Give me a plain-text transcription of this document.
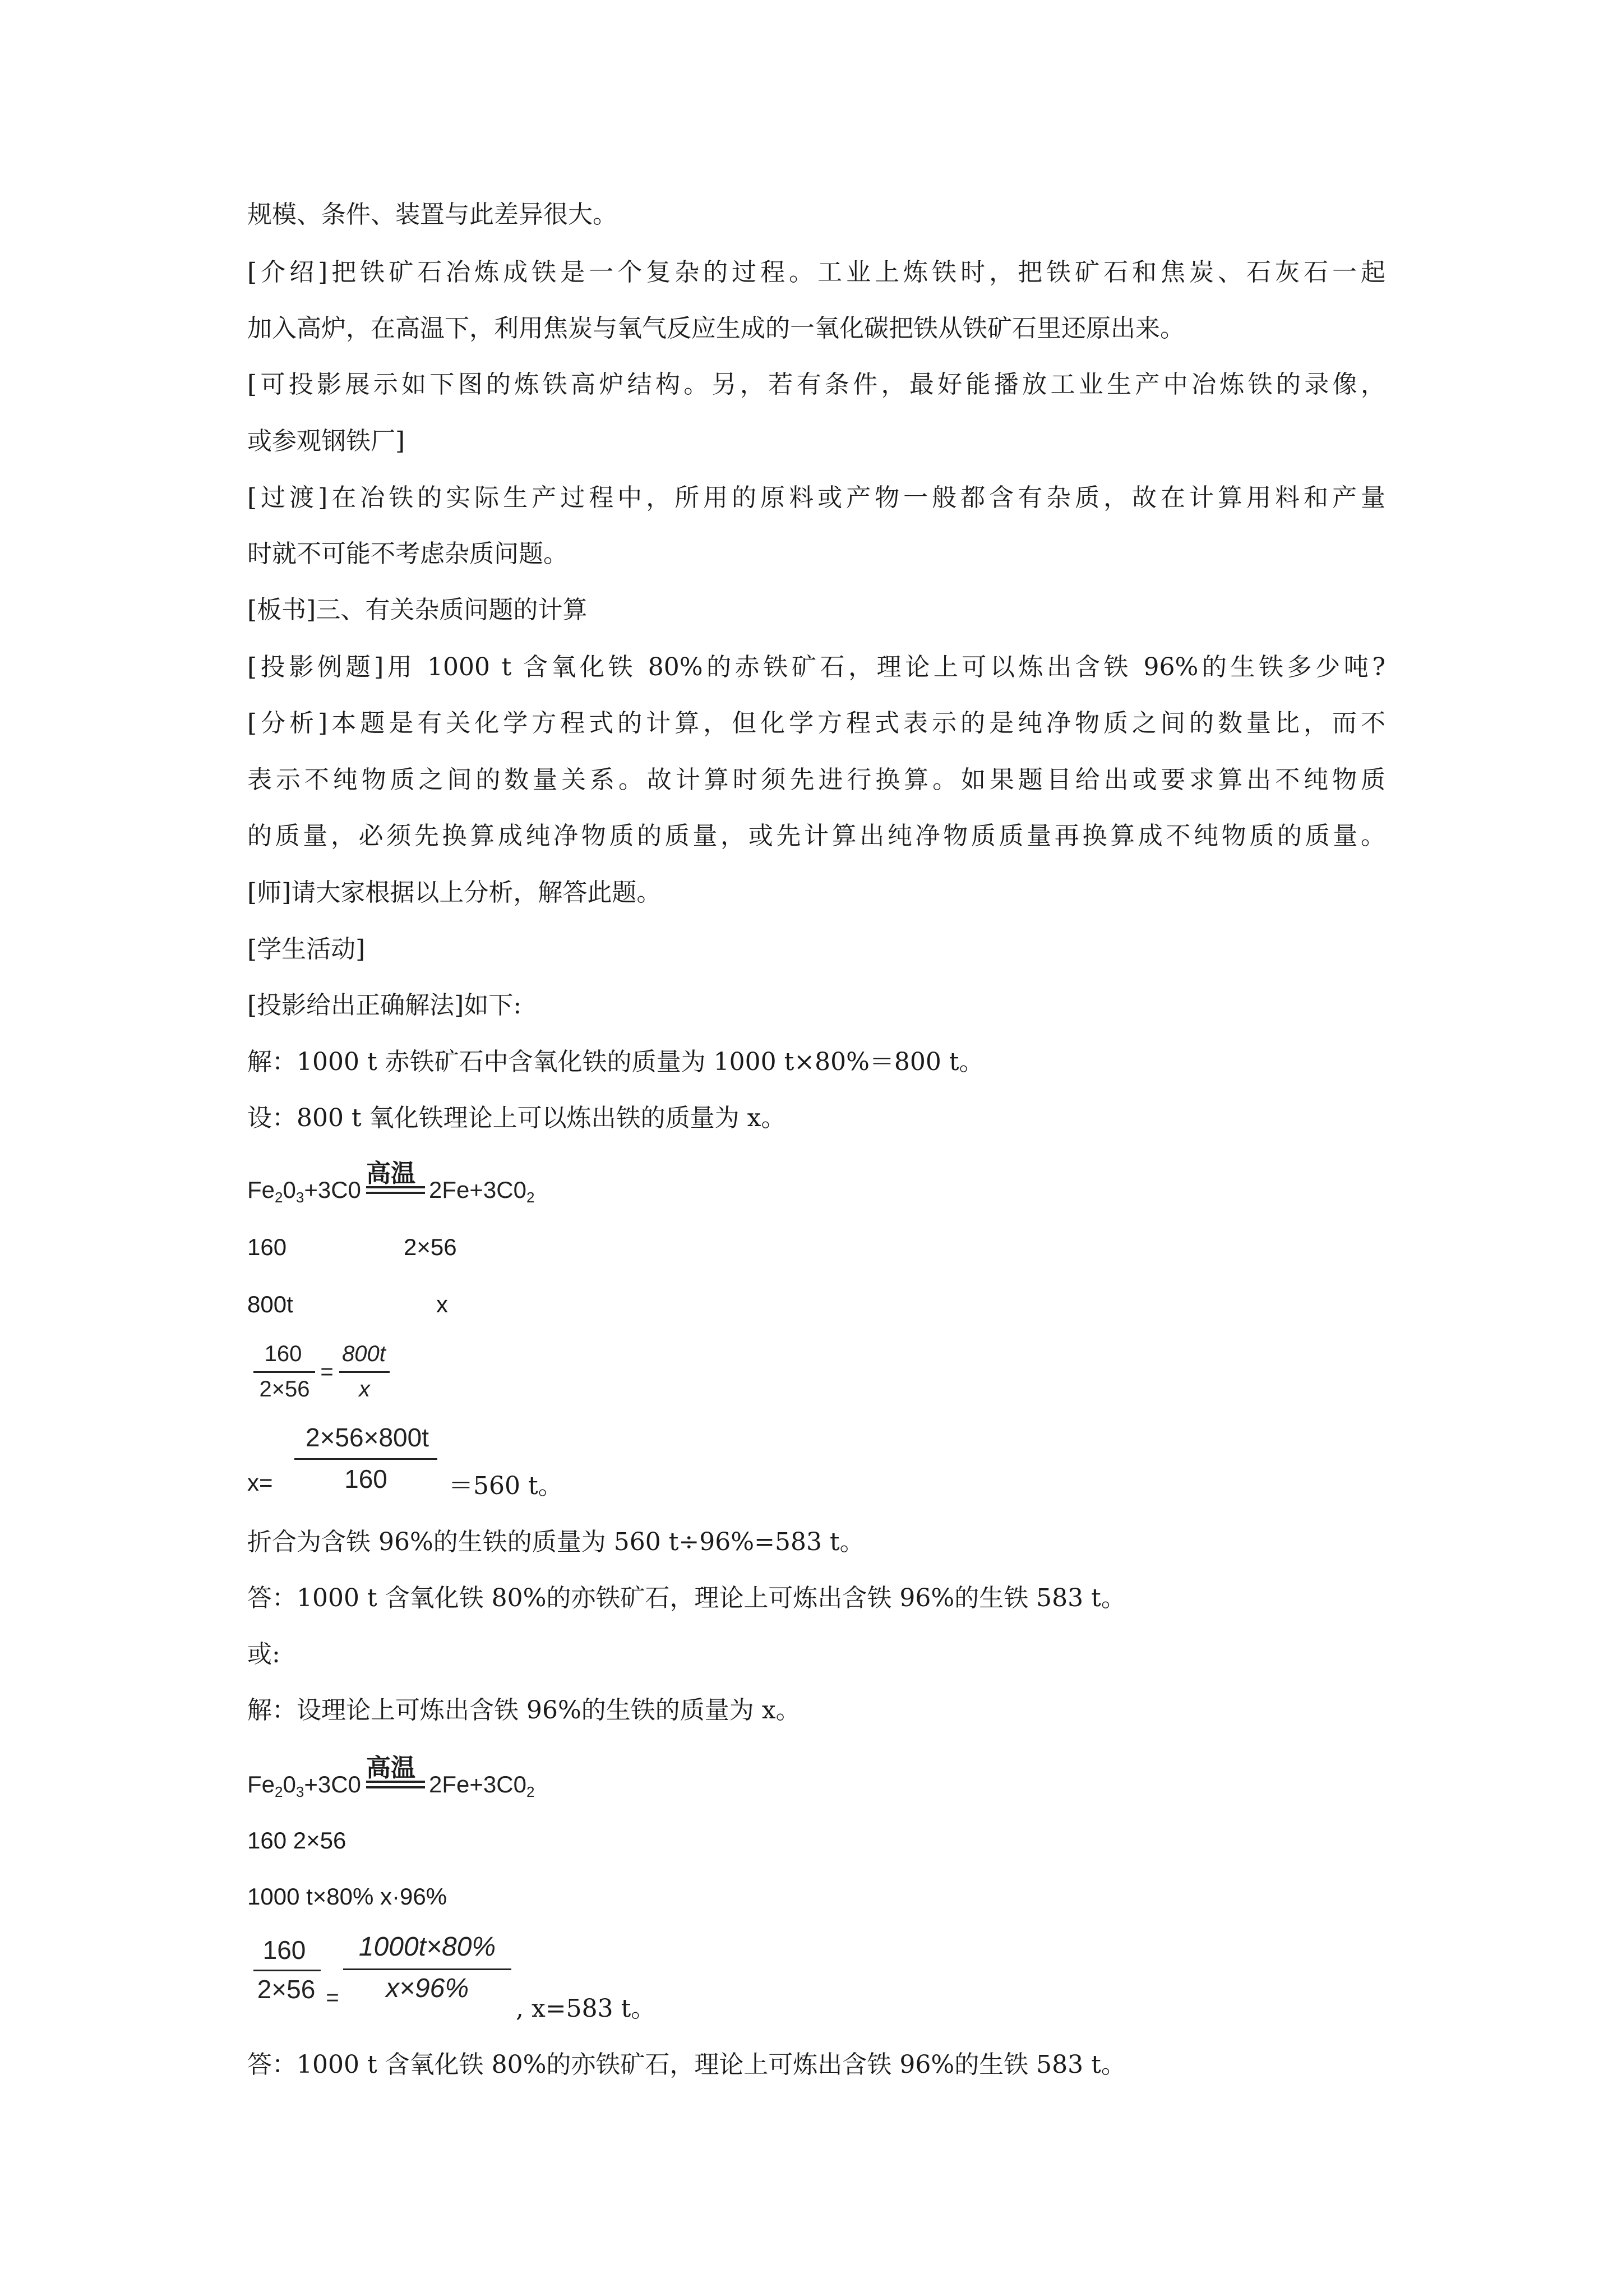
规模、条件、装置与此差异很大。
[介绍]把铁矿石冶炼成铁是一个复杂的过程。工业上炼铁时，把铁矿石和焦炭、石灰石一起
加入高炉，在高温下，利用焦炭与氧气反应生成的一氧化碳把铁从铁矿石里还原出来。
[可投影展示如下图的炼铁高炉结构。另，若有条件，最好能播放工业生产中冶炼铁的录像，
或参观钢铁厂]
[过渡]在冶铁的实际生产过程中，所用的原料或产物一般都含有杂质，故在计算用料和产量
时就不可能不考虑杂质问题。
[板书]三、有关杂质问题的计算
[投影例题]用 1000 t 含氧化铁 80%的赤铁矿石，理论上可以炼出含铁 96%的生铁多少吨?
[分析]本题是有关化学方程式的计算，但化学方程式表示的是纯净物质之间的数量比，而不
表示不纯物质之间的数量关系。故计算时须先进行换算。如果题目给出或要求算出不纯物质
的质量，必须先换算成纯净物质的质量，或先计算出纯净物质质量再换算成不纯物质的质量。
[师]请大家根据以上分析，解答此题。
[学生活动]
[投影给出正确解法]如下:
解：1000 t 赤铁矿石中含氧化铁的质量为 1000 t×80%＝800 t。
设：800 t 氧化铁理论上可以炼出铁的质量为 x。
$Fe_20_3+3C0$
高温
$2Fe+3C0_2$
160	2×56
800t	x
160
2×56
=
800t
x
x=
2×56×800t
160	＝560 t。
折合为含铁 96%的生铁的质量为 560 t÷96%=583 t。
答：1000 t 含氧化铁 80%的亦铁矿石，理论上可炼出含铁 96%的生铁 583 t。
或:
解：设理论上可炼出含铁 96%的生铁的质量为 x。
$Fe_20_3+3C0$
高温
$2Fe+3C0_2$
160 2×56
1000 t×80% x·96%
160
2×56 =
1000t×80%
x×96%
, x=583 t。
答：1000 t 含氧化铁 80%的亦铁矿石，理论上可炼出含铁 96%的生铁 583 t。
